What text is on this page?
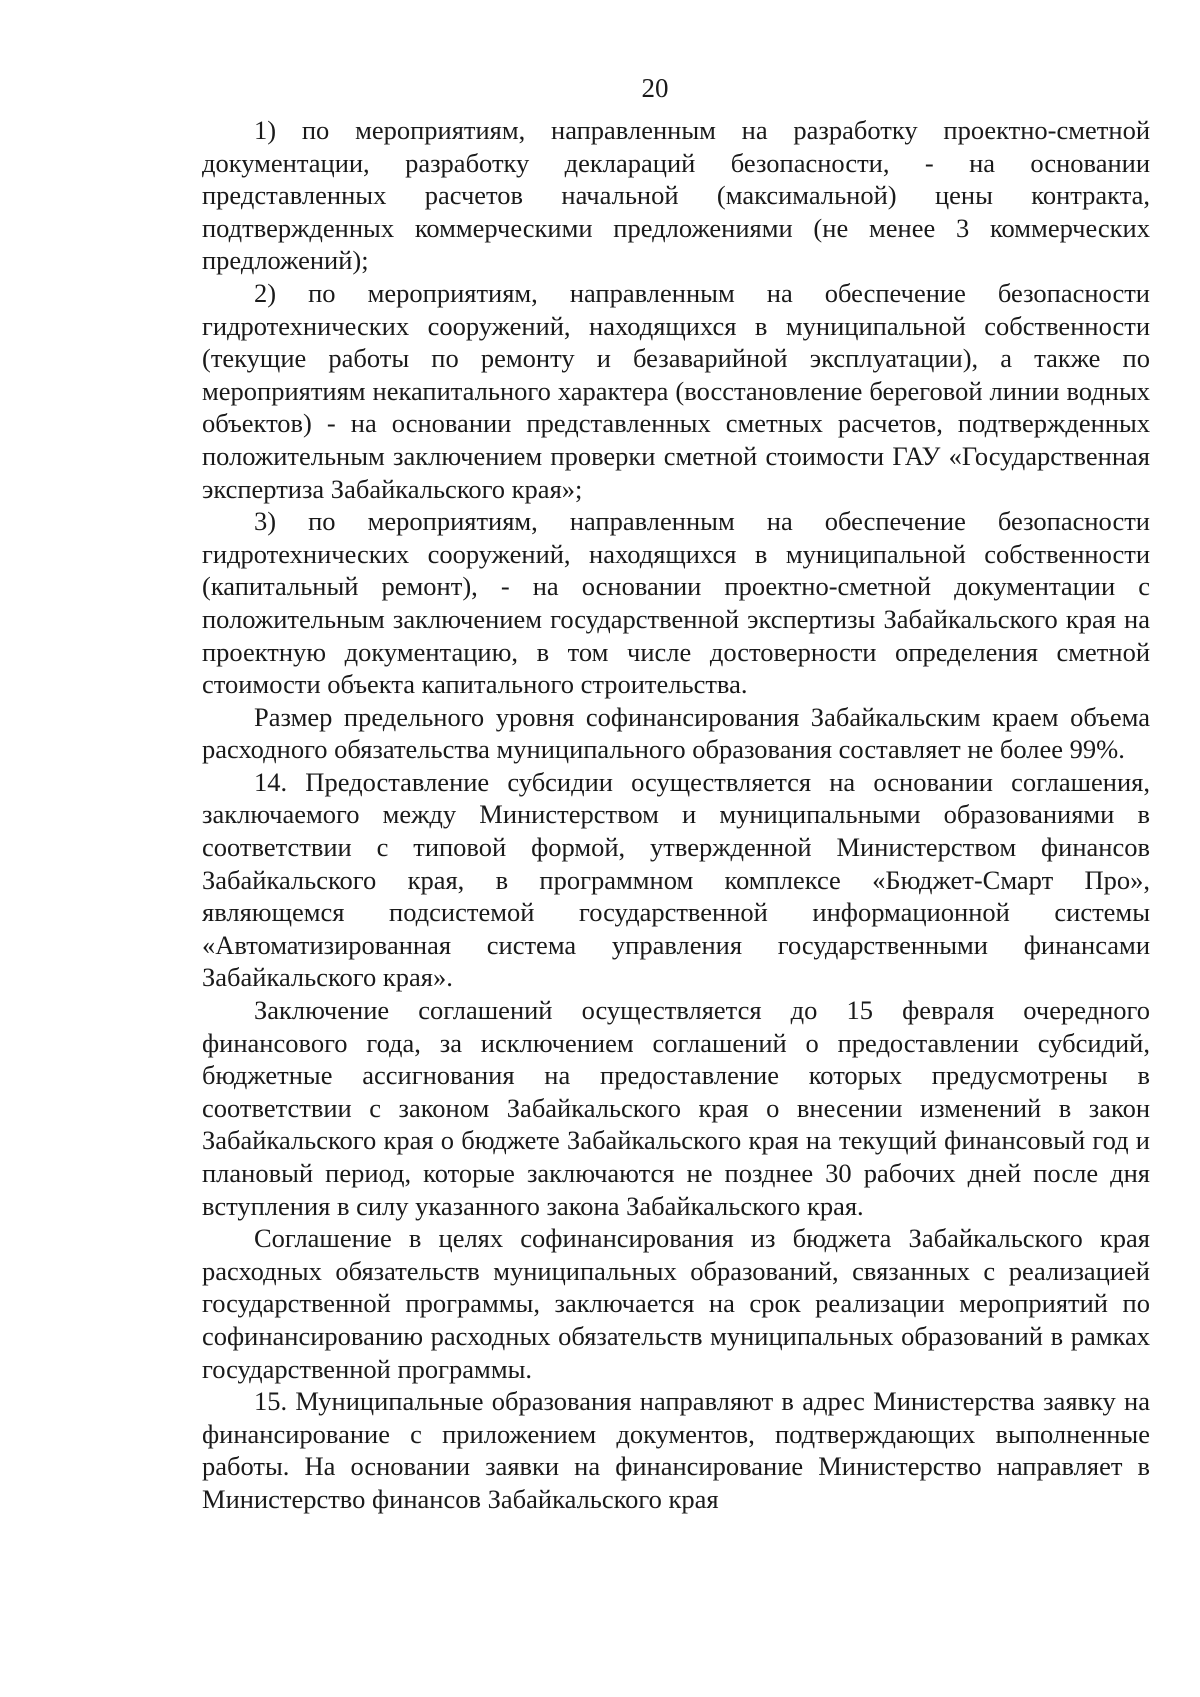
20

1) по мероприятиям, направленным на разработку проектно-сметной документации, разработку деклараций безопасности, - на основании представленных расчетов начальной (максимальной) цены контракта, подтвержденных коммерческими предложениями (не менее 3 коммерческих предложений);

2) по мероприятиям, направленным на обеспечение безопасности гидротехнических сооружений, находящихся в муниципальной собственности (текущие работы по ремонту и безаварийной эксплуатации), а также по мероприятиям некапитального характера (восстановление береговой линии водных объектов) - на основании представленных сметных расчетов, подтвержденных положительным заключением проверки сметной стоимости ГАУ «Государственная экспертиза Забайкальского края»;

3) по мероприятиям, направленным на обеспечение безопасности гидротехнических сооружений, находящихся в муниципальной собственности (капитальный ремонт), - на основании проектно-сметной документации с положительным заключением государственной экспертизы Забайкальского края на проектную документацию, в том числе достоверности определения сметной стоимости объекта капитального строительства.

Размер предельного уровня софинансирования Забайкальским краем объема расходного обязательства муниципального образования составляет не более 99%.

14. Предоставление субсидии осуществляется на основании соглашения, заключаемого между Министерством и муниципальными образованиями в соответствии с типовой формой, утвержденной Министерством финансов Забайкальского края, в программном комплексе «Бюджет-Смарт Про», являющемся подсистемой государственной информационной системы «Автоматизированная система управления государственными финансами Забайкальского края».

Заключение соглашений осуществляется до 15 февраля очередного финансового года, за исключением соглашений о предоставлении субсидий, бюджетные ассигнования на предоставление которых предусмотрены в соответствии с законом Забайкальского края о внесении изменений в закон Забайкальского края о бюджете Забайкальского края на текущий финансовый год и плановый период, которые заключаются не позднее 30 рабочих дней после дня вступления в силу указанного закона Забайкальского края.

Соглашение в целях софинансирования из бюджета Забайкальского края расходных обязательств муниципальных образований, связанных с реализацией государственной программы, заключается на срок реализации мероприятий по софинансированию расходных обязательств муниципальных образований в рамках государственной программы.

15. Муниципальные образования направляют в адрес Министерства заявку на финансирование с приложением документов, подтверждающих выполненные работы. На основании заявки на финансирование Министерство направляет в Министерство финансов Забайкальского края
